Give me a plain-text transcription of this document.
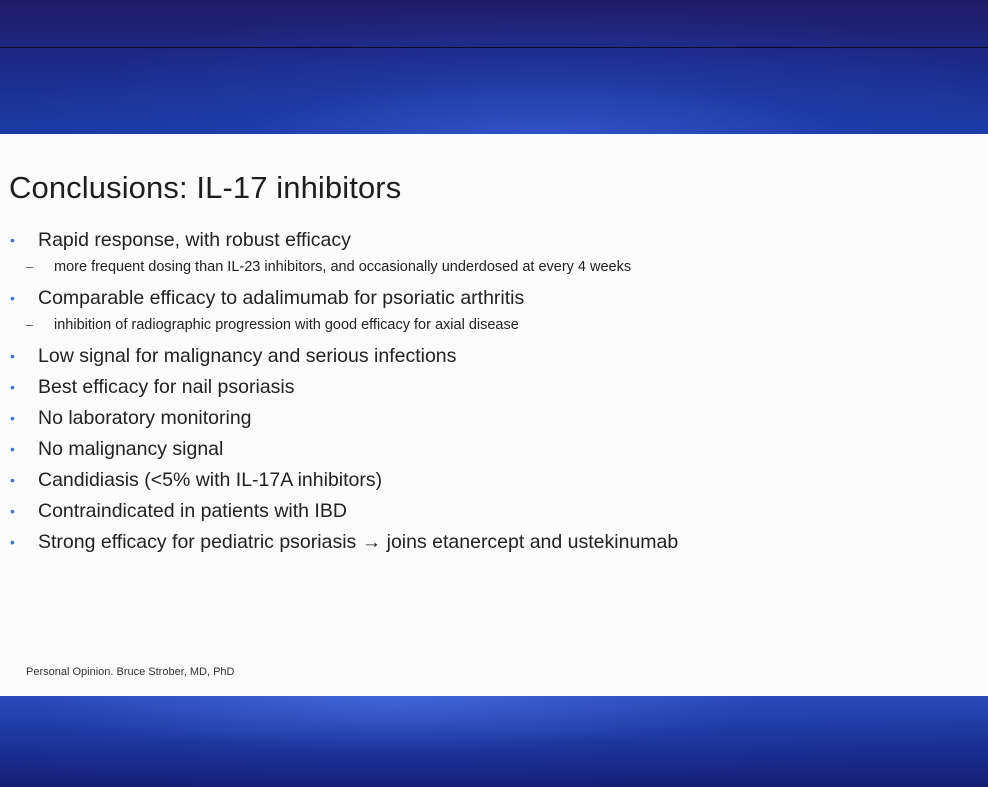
Conclusions: IL-17 inhibitors
• Rapid response, with robust efficacy
– more frequent dosing than IL-23 inhibitors, and occasionally underdosed at every 4 weeks
• Comparable efficacy to adalimumab for psoriatic arthritis
– inhibition of radiographic progression with good efficacy for axial disease
• Low signal for malignancy and serious infections
• Best efficacy for nail psoriasis
• No laboratory monitoring
• No malignancy signal
• Candidiasis (<5% with IL-17A inhibitors)
• Contraindicated in patients with IBD
• Strong efficacy for pediatric psoriasis → joins etanercept and ustekinumab
Personal Opinion. Bruce Strober, MD, PhD
